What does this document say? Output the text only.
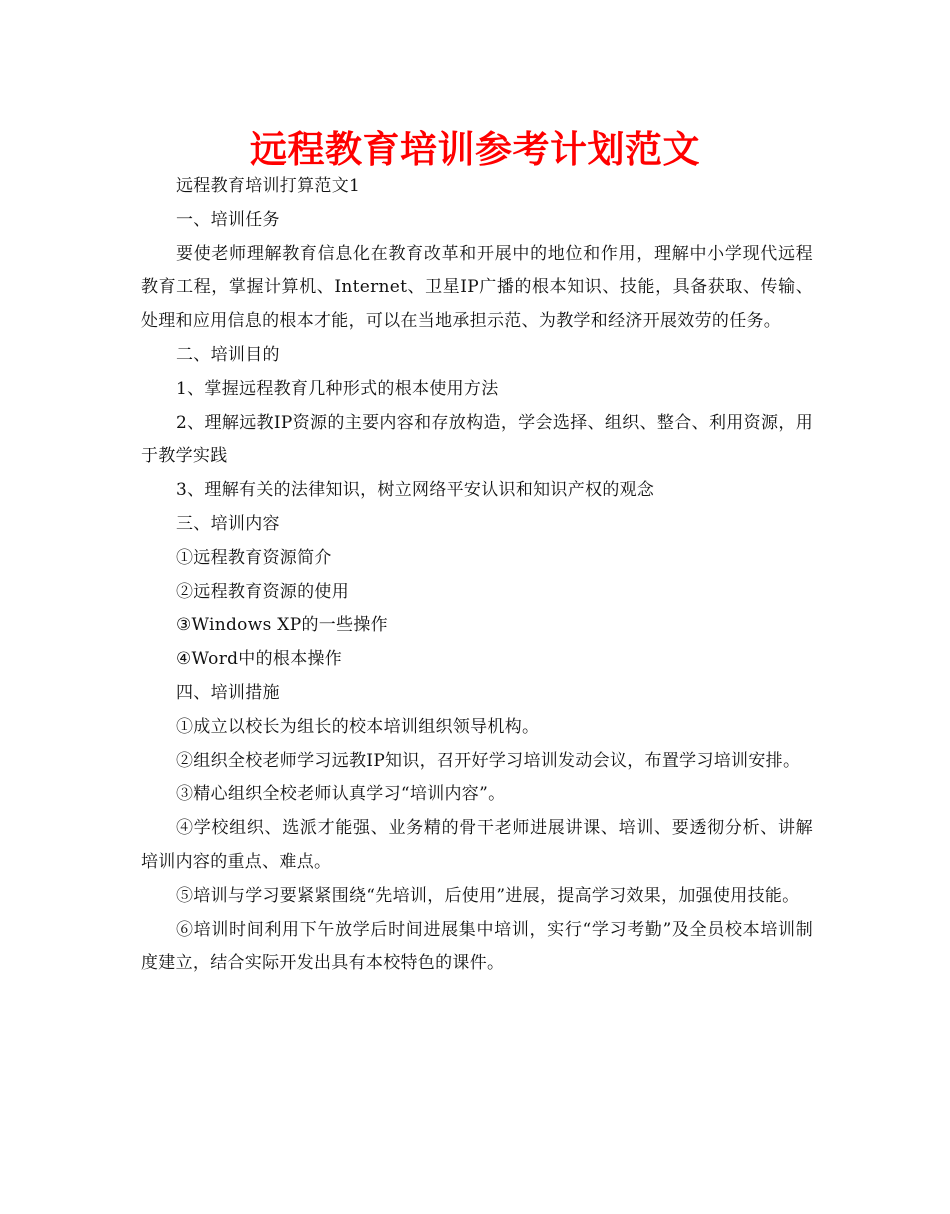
远程教育培训参考计划范文

远程教育培训打算范文1

一、培训任务

要使老师理解教育信息化在教育改革和开展中的地位和作用，理解中小学现代远程教育工程，掌握计算机、Internet、卫星IP广播的根本知识、技能，具备获取、传输、处理和应用信息的根本才能，可以在当地承担示范、为教学和经济开展效劳的任务。

二、培训目的

1、掌握远程教育几种形式的根本使用方法

2、理解远教IP资源的主要内容和存放构造，学会选择、组织、整合、利用资源，用于教学实践

3、理解有关的法律知识，树立网络平安认识和知识产权的观念

三、培训内容

①远程教育资源简介

②远程教育资源的使用

③Windows XP的一些操作

④Word中的根本操作

四、培训措施

①成立以校长为组长的校本培训组织领导机构。

②组织全校老师学习远教IP知识，召开好学习培训发动会议，布置学习培训安排。

③精心组织全校老师认真学习“培训内容”。

④学校组织、选派才能强、业务精的骨干老师进展讲课、培训、要透彻分析、讲解培训内容的重点、难点。

⑤培训与学习要紧紧围绕“先培训，后使用”进展，提高学习效果，加强使用技能。

⑥培训时间利用下午放学后时间进展集中培训，实行“学习考勤”及全员校本培训制度建立，结合实际开发出具有本校特色的课件。
